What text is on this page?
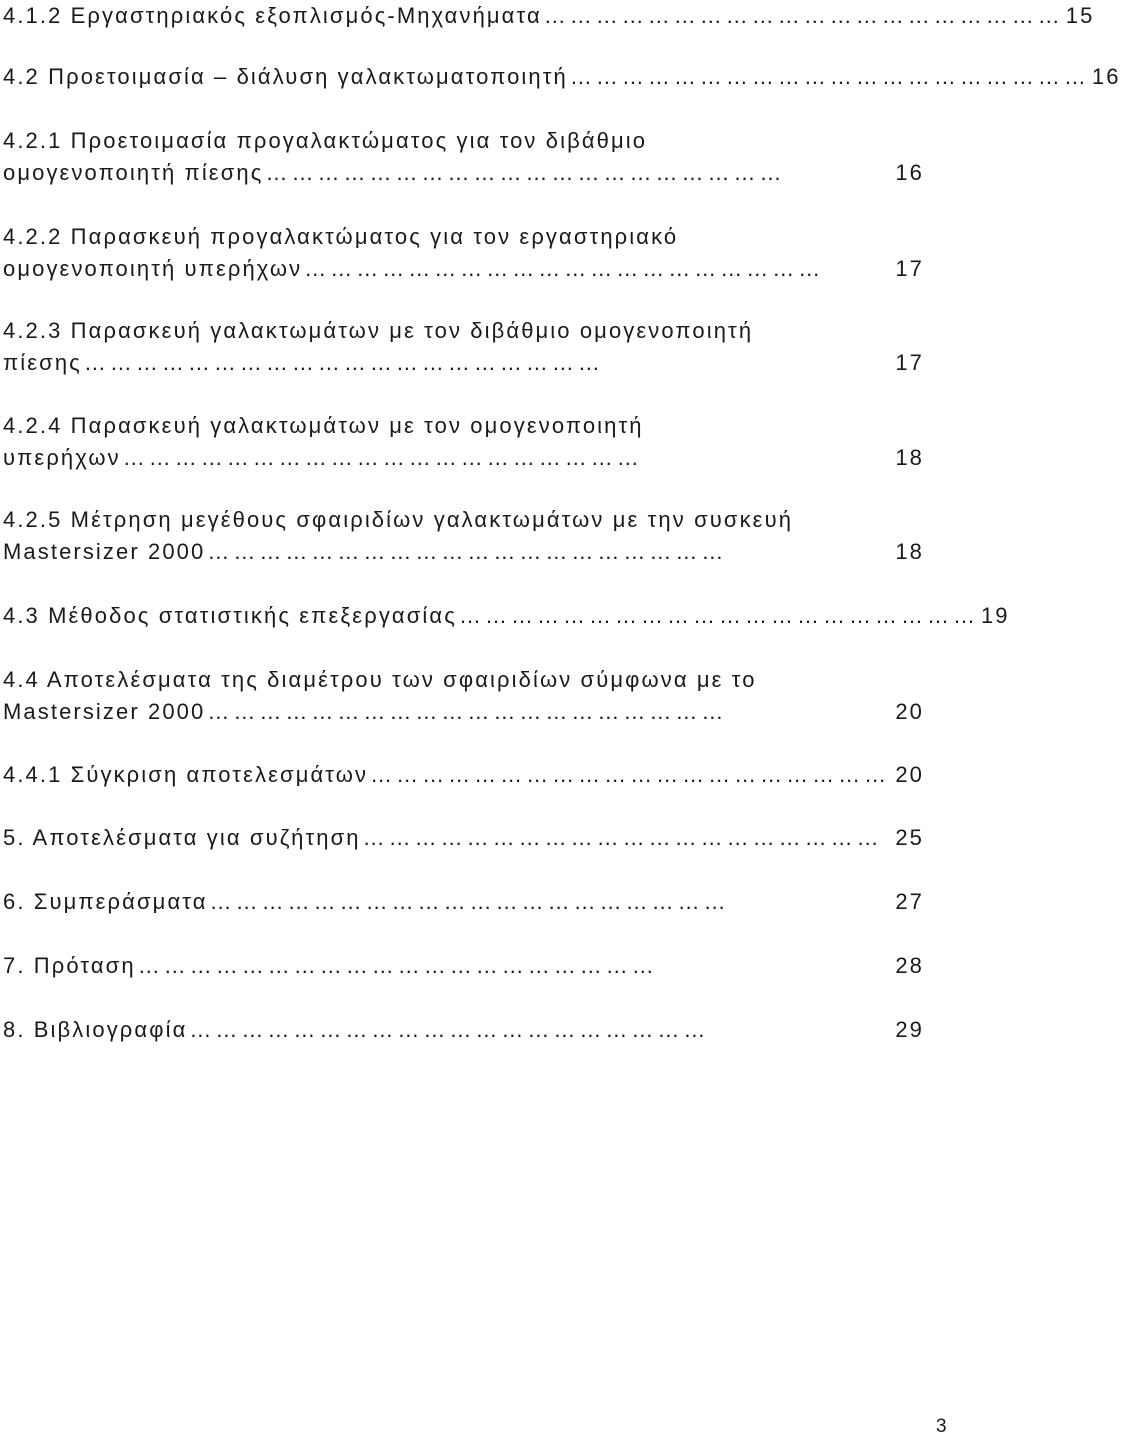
4.1.2 Εργαστηριακός εξοπλισμός-Μηχανήματα …………………………………………………… 15
4.2 Προετοιμασία – διάλυση γαλακτωματοποιητή …………………………………………………… 16
4.2.1 Προετοιμασία προγαλακτώματος για τον διβάθμιο
ομογενοποιητή πίεσης ……………………………………………………	16
4.2.2 Παρασκευή προγαλακτώματος για τον εργαστηριακό
ομογενοποιητή υπερήχων ……………………………………………………	17
4.2.3 Παρασκευή γαλακτωμάτων με τον διβάθμιο ομογενοποιητή
πίεσης ……………………………………………………	17
4.2.4 Παρασκευή γαλακτωμάτων με τον ομογενοποιητή
υπερήχων ……………………………………………………	18
4.2.5 Μέτρηση μεγέθους σφαιριδίων γαλακτωμάτων με την συσκευή
Mastersizer 2000 ……………………………………………………	18
4.3 Μέθοδος στατιστικής επεξεργασίας …………………………………………………… 19
4.4 Αποτελέσματα της διαμέτρου των σφαιριδίων σύμφωνα με το
Mastersizer 2000 ……………………………………………………	20
4.4.1 Σύγκριση αποτελεσμάτων …………………………………………………… 20
5. Αποτελέσματα για συζήτηση …………………………………………………… 25
6. Συμπεράσματα ……………………………………………………	27
7. Πρόταση ……………………………………………………	28
8. Βιβλιογραφία ……………………………………………………	29
3
